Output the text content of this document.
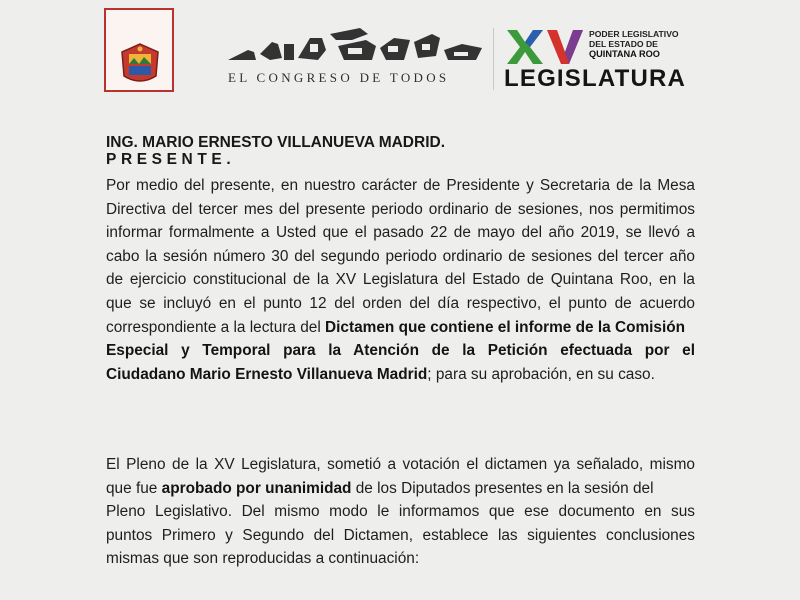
EL CONGRESO DE TODOS
PODER LEGISLATIVO
DEL ESTADO DE
QUINTANA ROO
LEGISLATURA
ING. MARIO ERNESTO VILLANUEVA MADRID.
PRESENTE.
Por medio del presente, en nuestro carácter de Presidente y Secretaria de la Mesa
Directiva del tercer mes del presente periodo ordinario de sesiones, nos permitimos
informar formalmente a Usted que el pasado 22 de mayo del año 2019, se llevó a
cabo la sesión número 30 del segundo periodo ordinario de sesiones del tercer año
de ejercicio constitucional de la XV Legislatura del Estado de Quintana Roo, en la
que se incluyó en el punto 12 del orden del día respectivo, el punto de acuerdo
correspondiente a la lectura del Dictamen que contiene el informe de la Comisión
Especial y Temporal para la Atención de la Petición efectuada por el
Ciudadano Mario Ernesto Villanueva Madrid; para su aprobación, en su caso.
El Pleno de la XV Legislatura, sometió a votación el dictamen ya señalado, mismo
que fue aprobado por unanimidad de los Diputados presentes en la sesión del
Pleno Legislativo. Del mismo modo le informamos que ese documento en sus
puntos Primero y Segundo del Dictamen, establece las siguientes conclusiones
mismas que son reproducidas a continuación:
